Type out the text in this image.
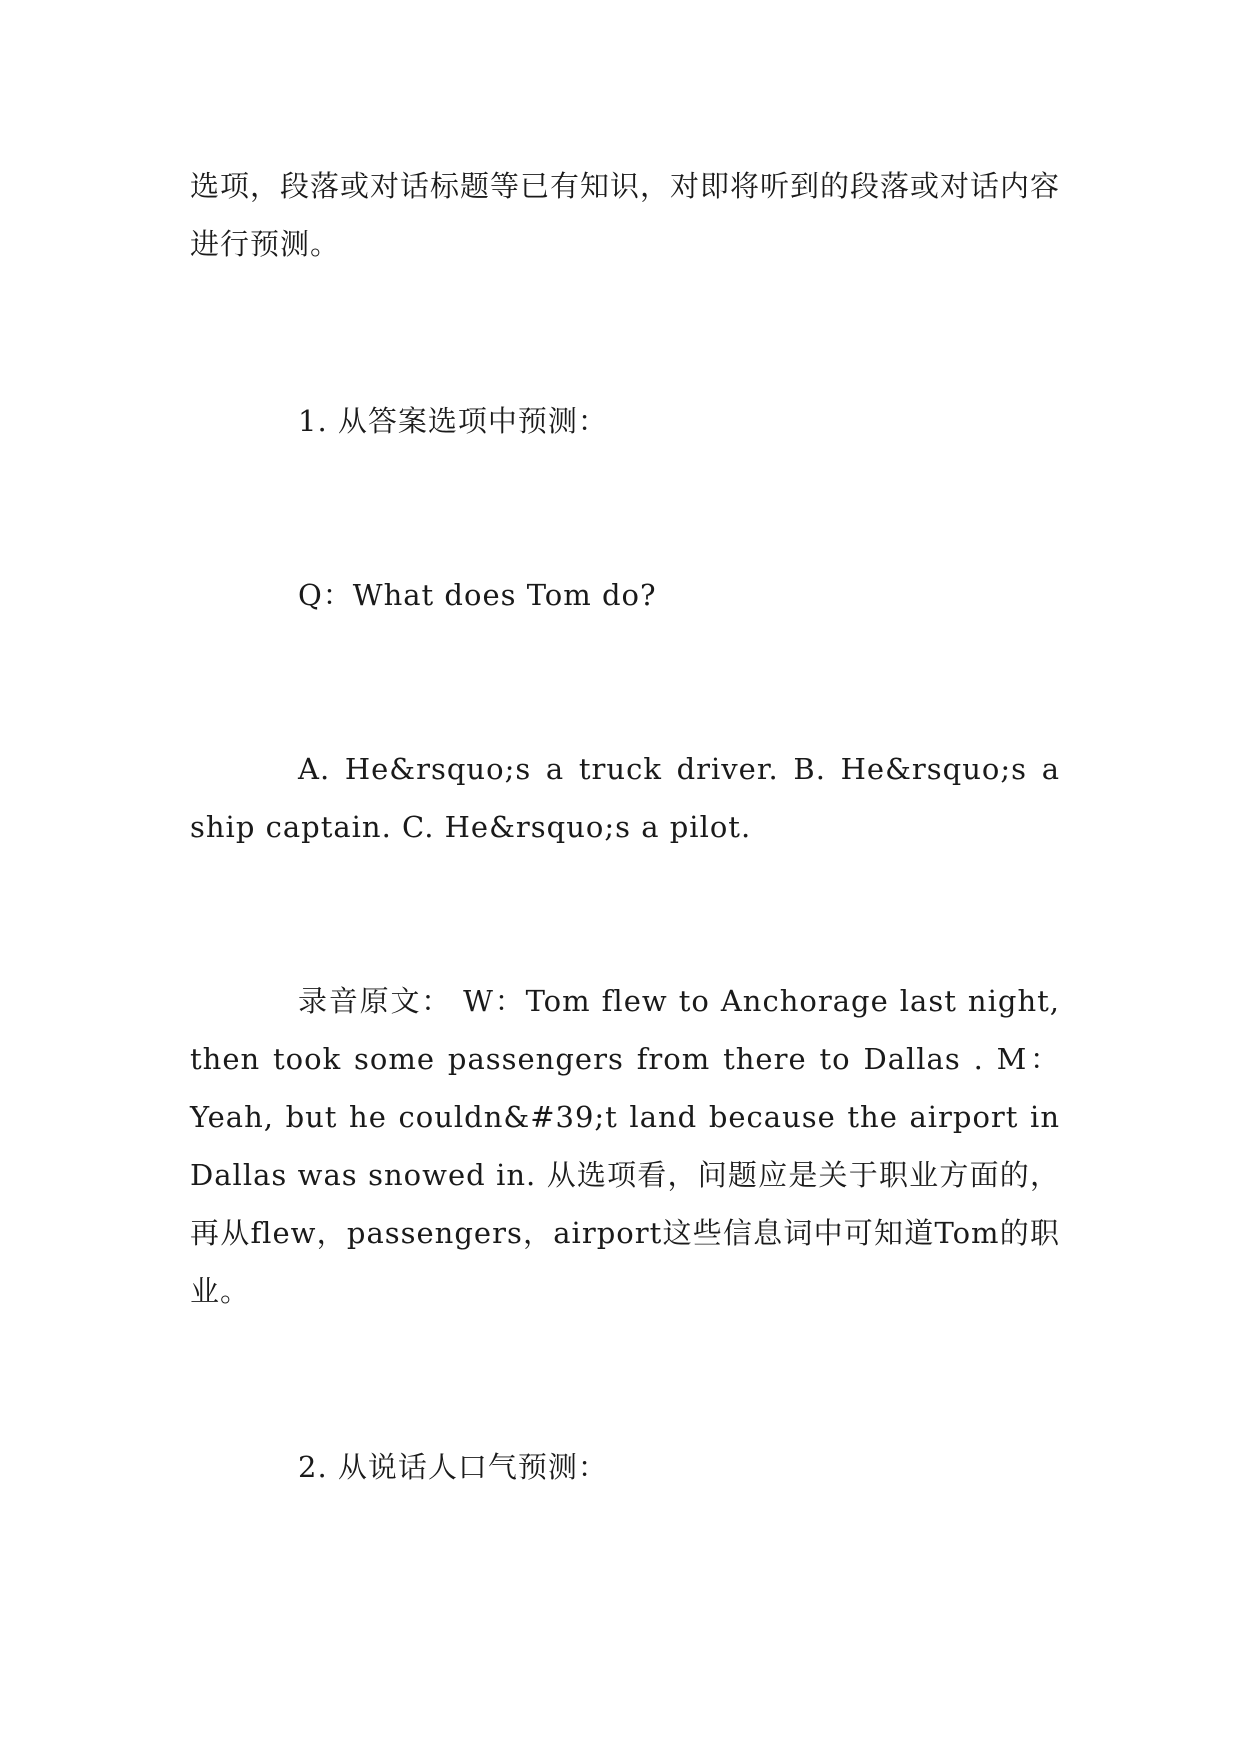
选项，段落或对话标题等已有知识，对即将听到的段落或对话内容进行预测。

1. 从答案选项中预测：

Q：What does Tom do?

A. He&rsquo;s a truck driver. B. He&rsquo;s a ship captain. C. He&rsquo;s a pilot.

录音原文： W：Tom flew to Anchorage last night, then took some passengers from there to Dallas . M：Yeah, but he couldn&#39;t land because the airport in Dallas was snowed in. 从选项看，问题应是关于职业方面的，再从flew，passengers，airport这些信息词中可知道Tom的职业。

2. 从说话人口气预测：
